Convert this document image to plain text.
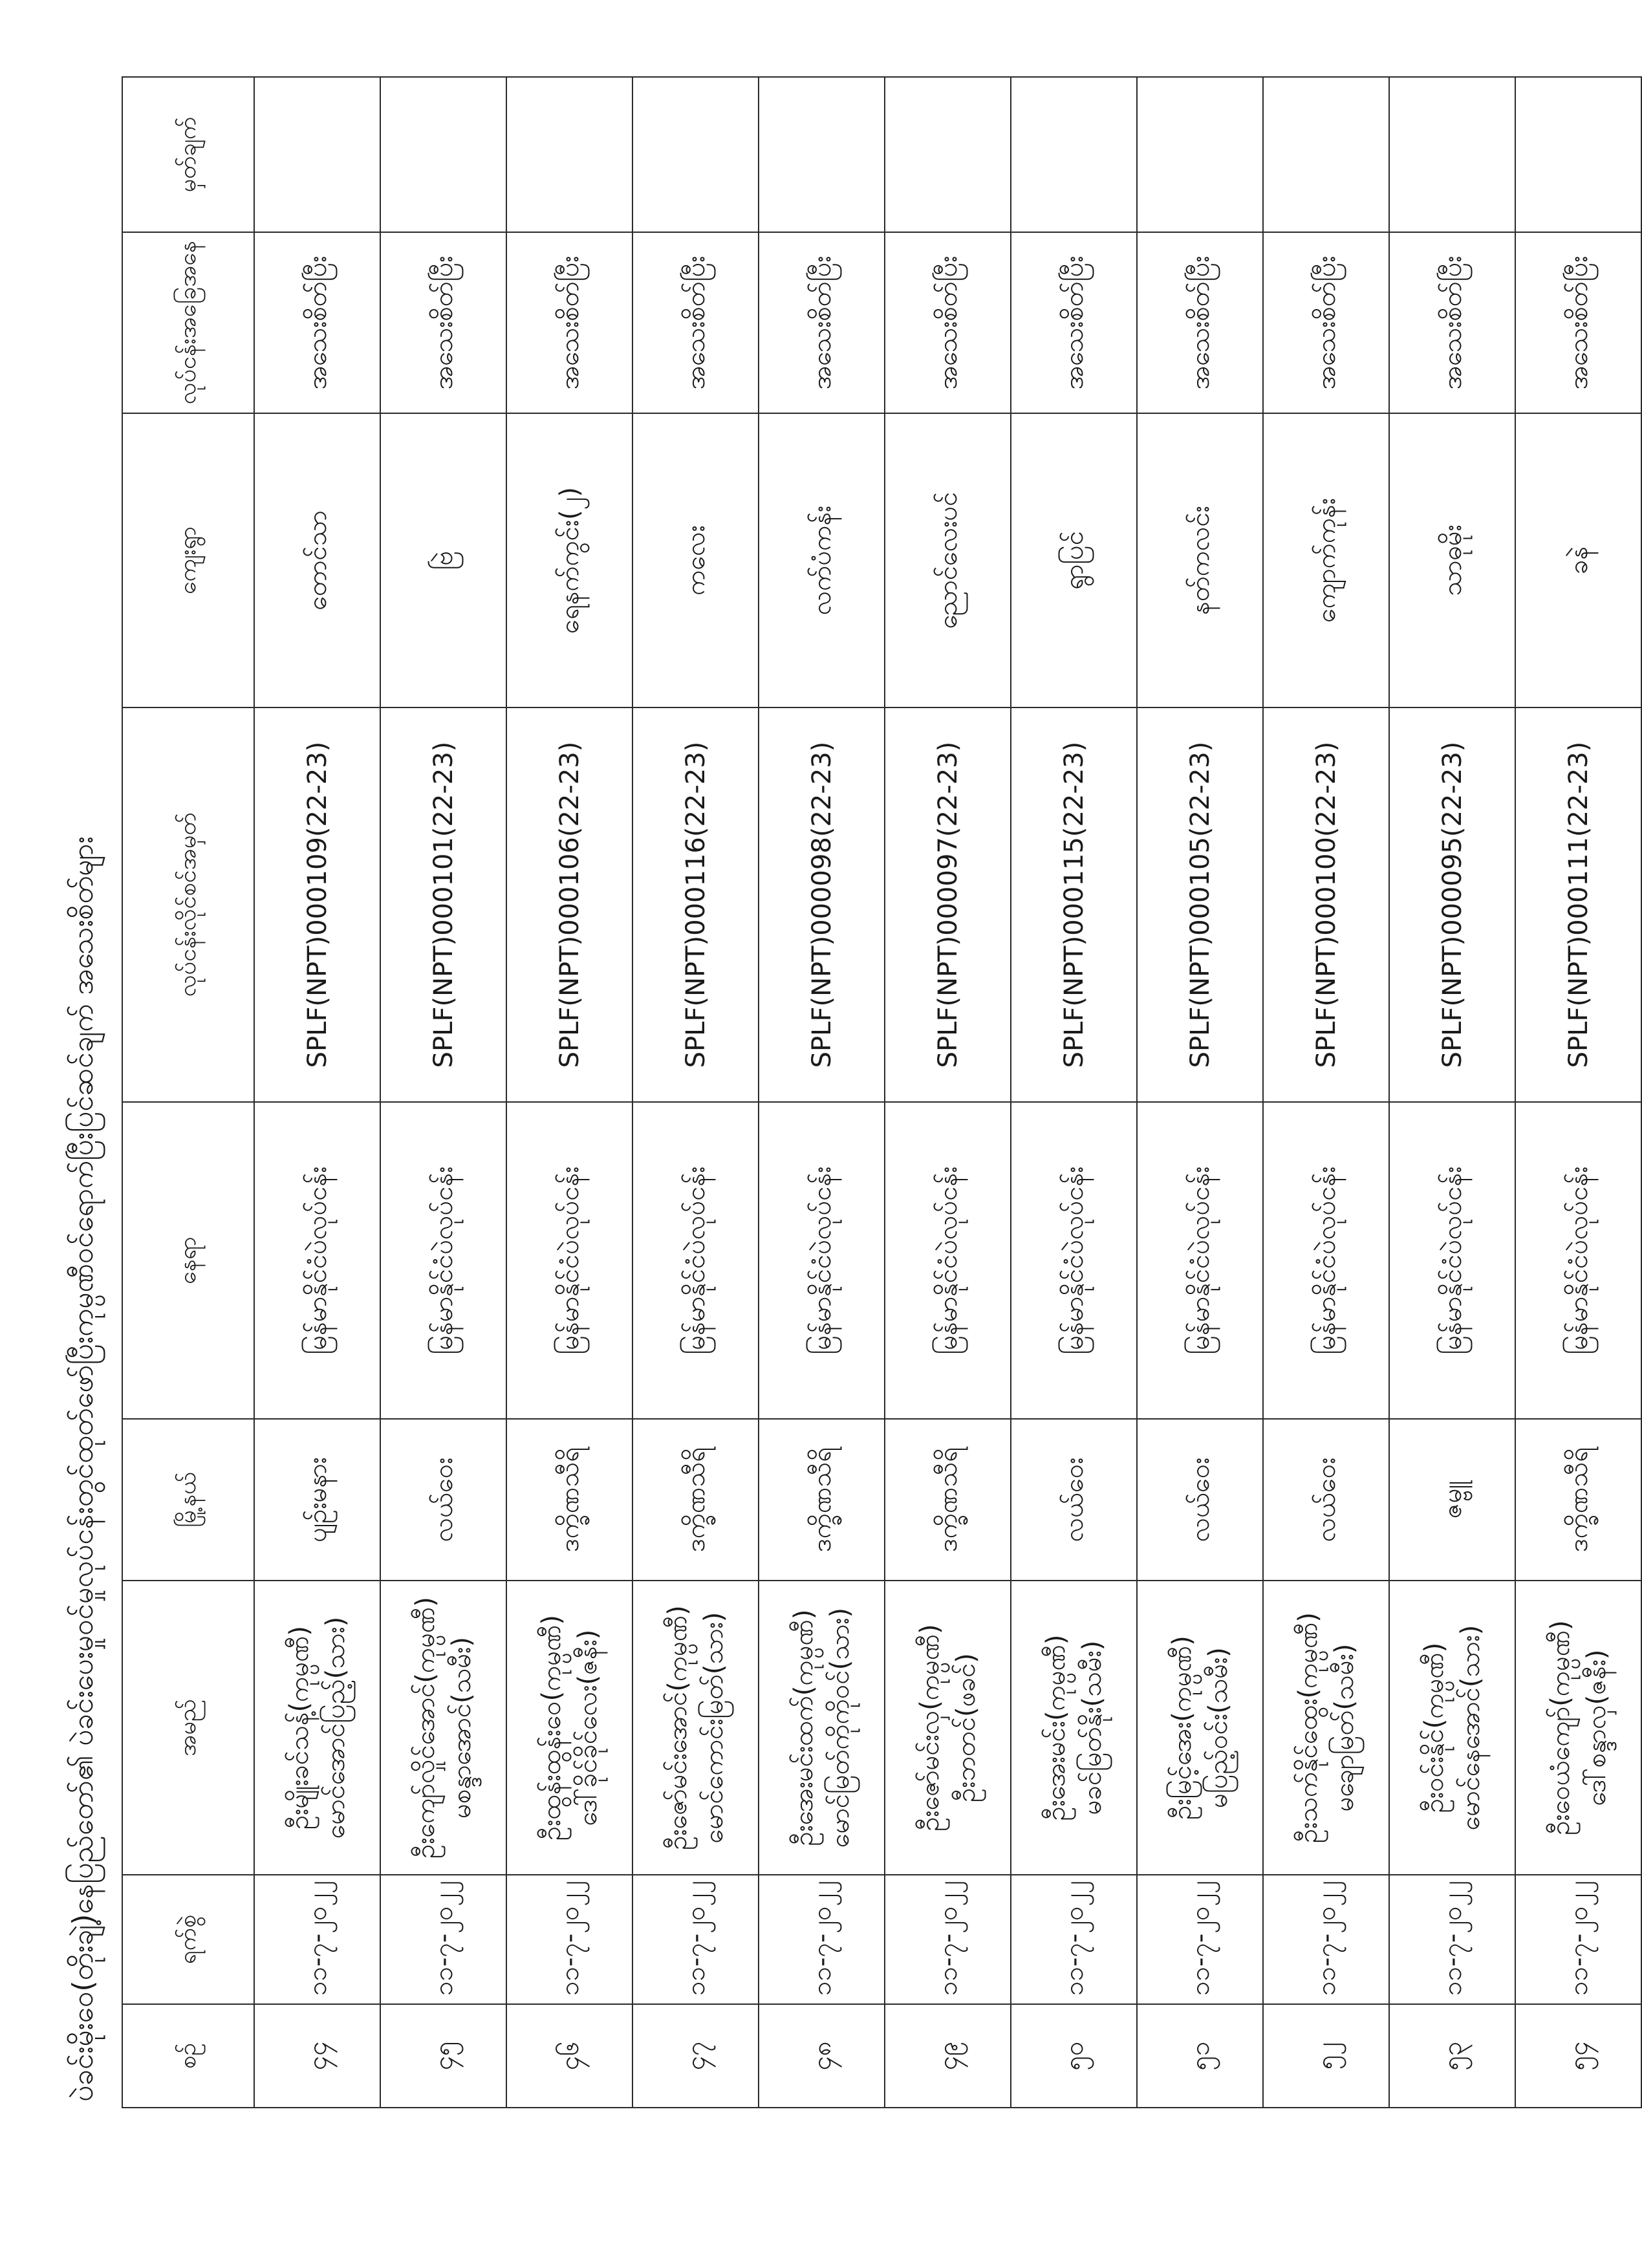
ပဲခင်းမိုးဝေ(တိုးချဲ့)နေပြည်တော်၏ ပဲခင်းပေးမှုဝင်မှုလုပ်ငန်းတွင်ထုတ်ဖော်ပြီးကုမ္ပဏီဝင်ရောက်ပြီးပြင်ဆင်ချက် အသေးစိတ်များ	စဉ်	ရက်စွဲ	အမည်	မြို့နယ်	နေရာ	လုပ်ငန်းလိုင်စင်အမှတ်	ကျေးရွာ	လုပ်ငန်းအခြေအနေ	မှတ်ချက်
၄၄	၁၁-၇-၂၀၂၂	ဦးမျိုးခင်သန့်(ကုမ္ပဏီ) မောင်အောင်ပြည့်(သား)	ပျဉ်းမနား	မြန်မာနိုင်ငံပဲလုပ်ငန်း	SPLF(NPT)000109(22-23)	တောင်သာ	အသေးစိတ်ပြီး	
၄၅	၁၁-၇-၂၀၂၂	ဦးကျော်လှိုင်အောင်(ကုမ္ပဏီ) မစန္ဒာအောင်(သမီး)	လယ်ဝေး	မြန်မာနိုင်ငံပဲလုပ်ငန်း	SPLF(NPT)000101(22-23)	ဗြဲ	အသေးစိတ်ပြီး	
၄၆	၁၁-၇-၂၀၂၂	ဦးထွန်းထွန်းဝေ(ကုမ္ပဏီ) ဒေါ်ခိုင်ခိုင်လေး(ဇနီး)	ဒက္ခိဏသီရိ	မြန်မာနိုင်ငံပဲလုပ်ငန်း	SPLF(NPT)000106(22-23)	ရေနက်ကွင်း(၂)	အသေးစိတ်ပြီး	
၄၇	၁၁-၇-၂၀၂၂	ဦးဇော်မင်းအောင်(ကုမ္ပဏီ) မောင်ကောင်းမြတ်(သား)	ဒက္ခိဏသီရိ	မြန်မာနိုင်ငံပဲလုပ်ငန်း	SPLF(NPT)000116(22-23)	ကလေး	အသေးစိတ်ပြီး	
၄၈	၁၁-၇-၂၀၂၂	ဦးအေးမင်းထက်(ကုမ္ပဏီ) မောင်မြတ်ကိုကိုဝင်(သား)	ဒက္ခိဏသီရိ	မြန်မာနိုင်ငံပဲလုပ်ငန်း	SPLF(NPT)000098(22-23)	လက်ပံကန်း	အသေးစိတ်ပြီး	
၄၉	၁၁-၇-၂၀၂၂	ဦးဇော်မင်းလှ(ကုမ္ပဏီ) ဦးဘတင်(ဖခင်)	ဒက္ခိဏသီရိ	မြန်မာနိုင်ငံပဲလုပ်ငန်း	SPLF(NPT)000097(22-23)	ညောင်လေးပင်	အသေးစိတ်ပြီး	
၅၀	၁၁-၇-၂၀၂၂	ဦးအေးမင်း(ကုမ္ပဏီ) မခင်မြတ်နိုး(သမီး)	လယ်ဝေး	မြန်မာနိုင်ငံပဲလုပ်ငန်း	SPLF(NPT)000115(22-23)	ရွာပြင်	အသေးစိတ်ပြီး	
၅၁	၁၁-၇-၂၀၂၂	ဦးမြင့်အေး(ကုမ္ပဏီ) မပြည့်ဝင်း(သမီး)	လယ်ဝေး	မြန်မာနိုင်ငံပဲလုပ်ငန်း	SPLF(NPT)000105(22-23)	နတ်ကလင်း	အသေးစိတ်ပြီး	
၅၂	၁၁-၇-၂၀၂၂	ဦးသက်နိုင်ထွေး(ကုမ္ပဏီ) မချောမြတ်(သမီး)	လယ်ဝေး	မြန်မာနိုင်ငံပဲလုပ်ငန်း	SPLF(NPT)000100(22-23)	ကျောက်ကုန်း	အသေးစိတ်ပြီး	
၅၃	၁၁-၇-၂၀၂၂	ဦးဝင်းနိုင်(ကုမ္ပဏီ) မောင်နေအောင်(သား)	ဇမ္ဗူ	မြန်မာနိုင်ငံပဲလုပ်ငန်း	SPLF(NPT)000095(22-23)	သာဓုမိုး	အသေးစိတ်ပြီး	
၅၄	၁၁-၇-၂၀၂၂	ဦးဝေယံကျော်(ကုမ္ပဏီ) ဒေါ်စန္ဒာလှ(ဇနီး)	ဒက္ခိဏသီရိ	မြန်မာနိုင်ငံပဲလုပ်ငန်း	SPLF(NPT)000111(22-23)	ခနဲ	အသေးစိတ်ပြီး	
